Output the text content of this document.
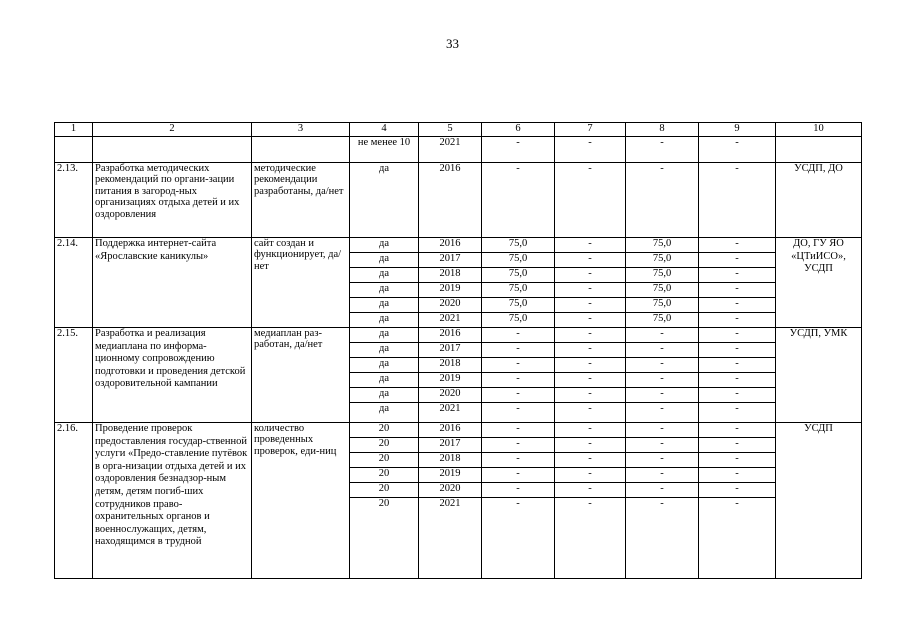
33
1	2	3	4	5	6	7	8	9	10
			не менее 10	2021	-	-	-	-	
2.13.	Разработка методических рекомендаций по органи-зации питания в загород-ных организациях отдыха детей и их оздоровления	методические рекомендации разработаны, да/нет	да	2016	-	-	-	-	УСДП, ДО
2.14.	Поддержка интернет-сайта «Ярославские каникулы»	сайт создан и функционирует, да/нет	да	2016	75,0	-	75,0	-	ДО, ГУ ЯО «ЦТиИСО», УСДП
			да	2017	75,0	-	75,0	-	
			да	2018	75,0	-	75,0	-	
			да	2019	75,0	-	75,0	-	
			да	2020	75,0	-	75,0	-	
			да	2021	75,0	-	75,0	-	
2.15.	Разработка и реализация медиаплана по информа-ционному сопровождению подготовки и проведения детской оздоровительной кампании	медиаплан раз-работан, да/нет	да	2016	-	-	-	-	УСДП, УМК
			да	2017	-	-	-	-	
			да	2018	-	-	-	-	
			да	2019	-	-	-	-	
			да	2020	-	-	-	-	
			да	2021	-	-	-	-	
2.16.	Проведение проверок предоставления государ-ственной услуги «Предо-ставление путёвок в орга-низации отдыха детей и их оздоровления безнадзор-ным детям, детям погиб-ших сотрудников право-охранительных органов и военнослужащих, детям, находящимся в трудной	количество проведенных проверок, еди-ниц	20	2016	-	-	-	-	УСДП
			20	2017	-	-	-	-	
			20	2018	-	-	-	-	
			20	2019	-	-	-	-	
			20	2020	-	-	-	-	
			20	2021	-	-	-	-	
